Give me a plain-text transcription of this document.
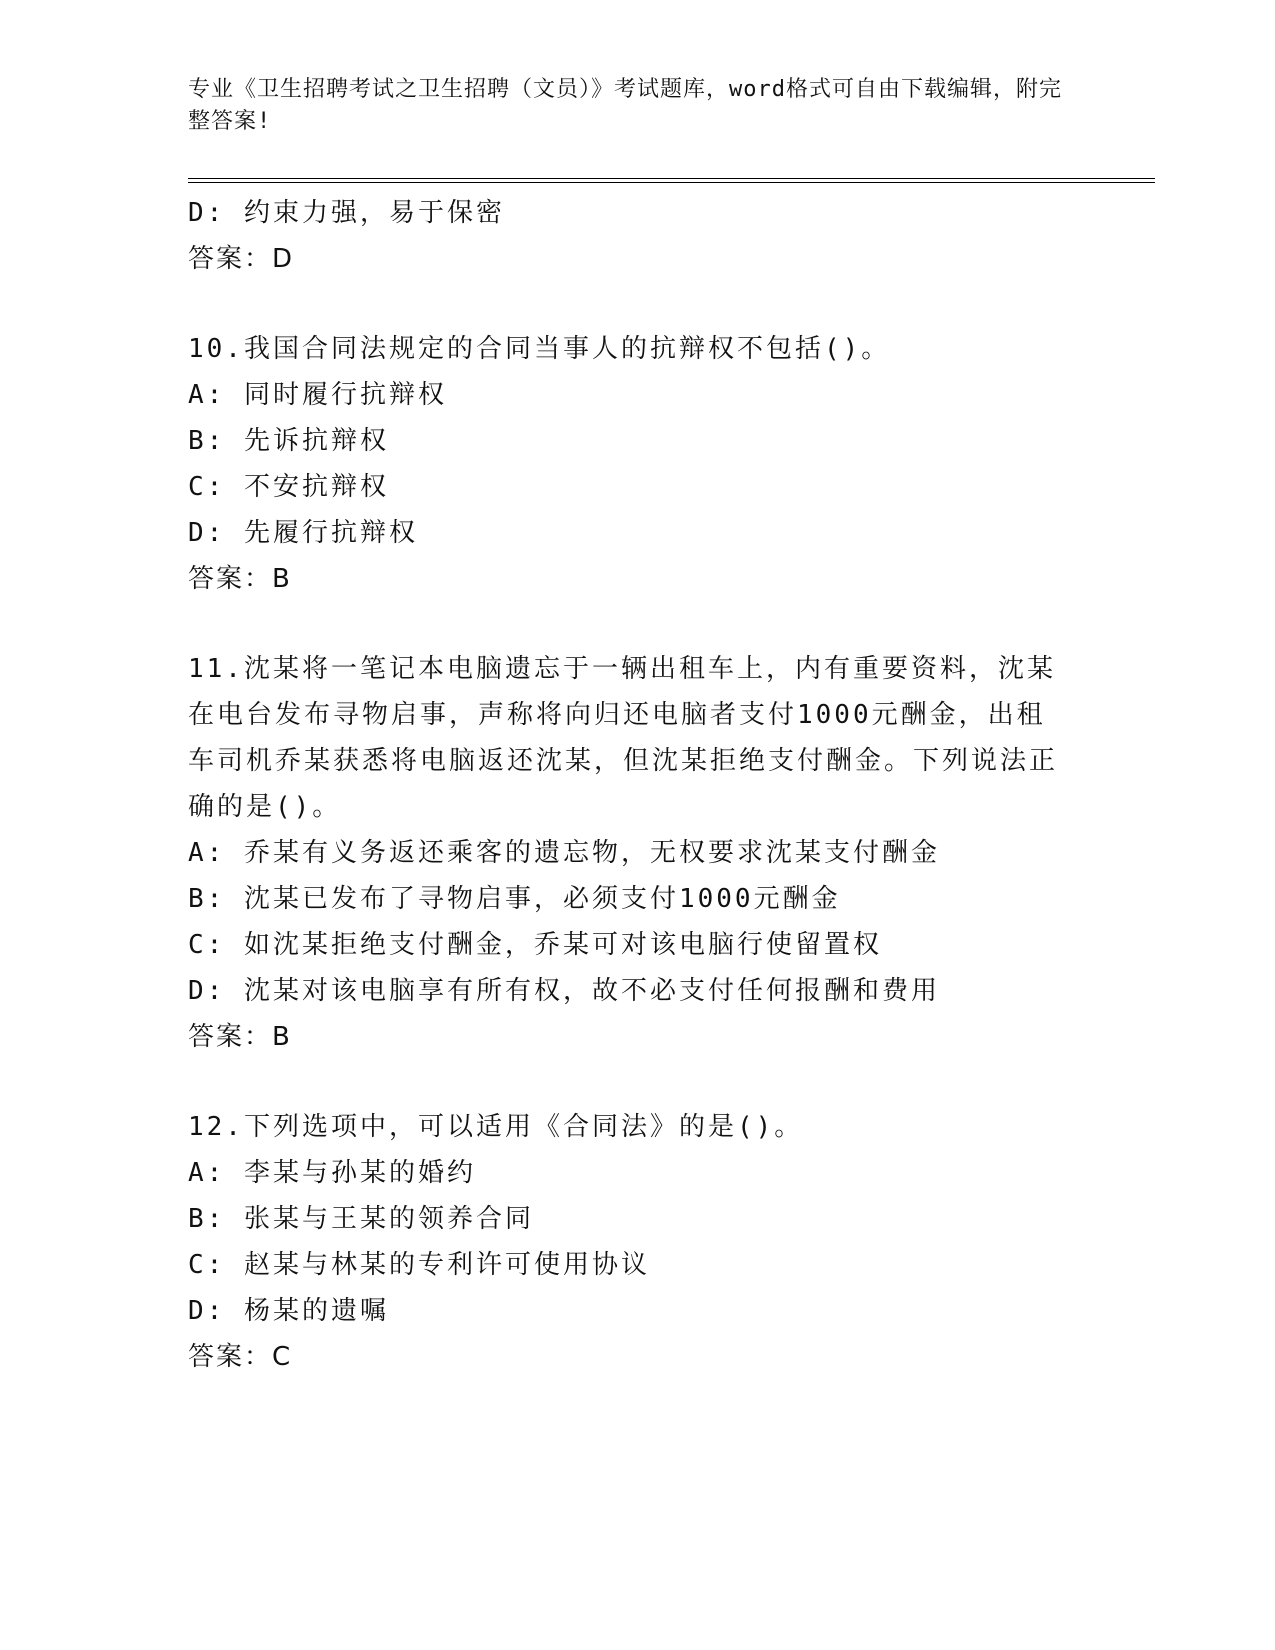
专业《卫生招聘考试之卫生招聘（文员）》考试题库，word格式可自由下载编辑，附完整答案!
D: 约束力强，易于保密
答案：D
10.我国合同法规定的合同当事人的抗辩权不包括()。
A: 同时履行抗辩权
B: 先诉抗辩权
C: 不安抗辩权
D: 先履行抗辩权
答案：B
11.沈某将一笔记本电脑遗忘于一辆出租车上，内有重要资料，沈某在电台发布寻物启事，声称将向归还电脑者支付1000元酬金，出租车司机乔某获悉将电脑返还沈某，但沈某拒绝支付酬金。下列说法正确的是()。
A: 乔某有义务返还乘客的遗忘物，无权要求沈某支付酬金
B: 沈某已发布了寻物启事，必须支付1000元酬金
C: 如沈某拒绝支付酬金，乔某可对该电脑行使留置权
D: 沈某对该电脑享有所有权，故不必支付任何报酬和费用
答案：B
12.下列选项中，可以适用《合同法》的是()。
A: 李某与孙某的婚约
B: 张某与王某的领养合同
C: 赵某与林某的专利许可使用协议
D: 杨某的遗嘱
答案：C
